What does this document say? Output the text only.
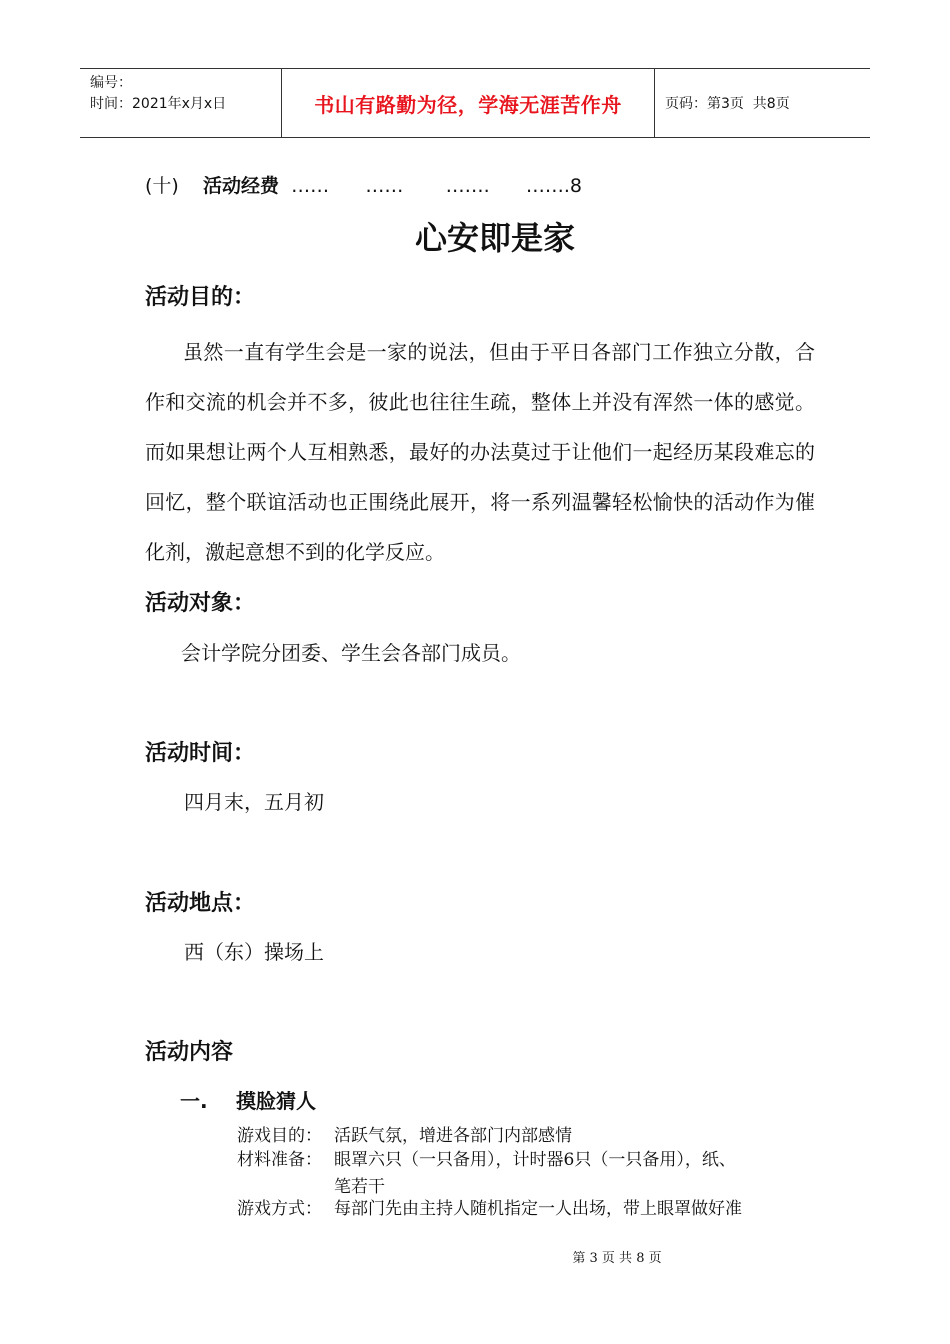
编号：
时间：2021年x月x日	书山有路勤为径，学海无涯苦作舟	页码：第3页  共8页
(十) 活动经费  ……      ……       …….      …….8
心安即是家
活动目的：

虽然一直有学生会是一家的说法，但由于平日各部门工作独立分散，合作和交流的机会并不多，彼此也往往生疏，整体上并没有浑然一体的感觉。而如果想让两个人互相熟悉，最好的办法莫过于让他们一起经历某段难忘的回忆，整个联谊活动也正围绕此展开，将一系列温馨轻松愉快的活动作为催化剂，激起意想不到的化学反应。

活动对象：
会计学院分团委、学生会各部门成员。
活动时间：
四月末，五月初
活动地点：
西（东）操场上
活动内容
一.	摸脸猜人
游戏目的： 活跃气氛，增进各部门内部感情
材料准备： 眼罩六只（一只备用），计时器6只（一只备用），纸、
笔若干
游戏方式： 每部门先由主持人随机指定一人出场，带上眼罩做好准
第 3 页 共 8 页
